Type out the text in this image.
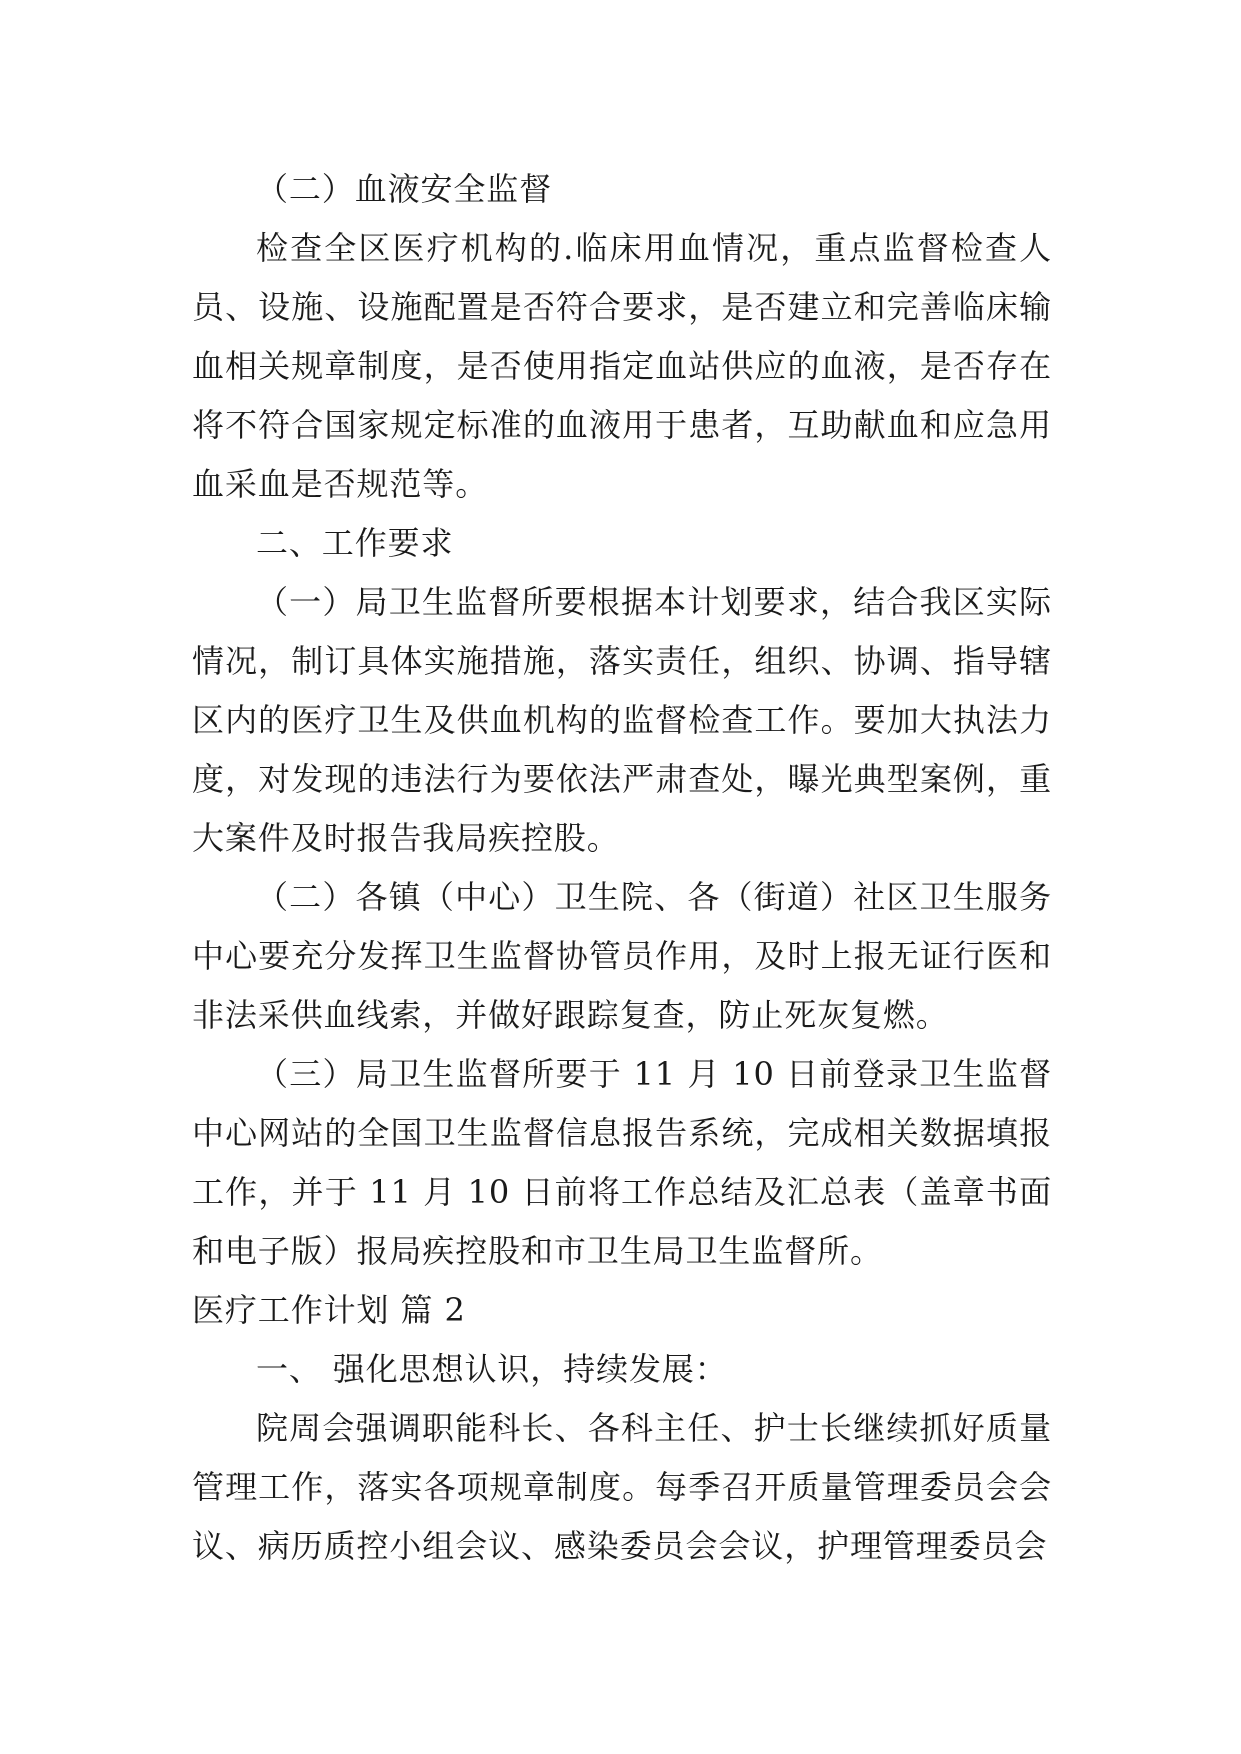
（二）血液安全监督

检查全区医疗机构的.临床用血情况，重点监督检查人员、设施、设施配置是否符合要求，是否建立和完善临床输血相关规章制度，是否使用指定血站供应的血液，是否存在将不符合国家规定标准的血液用于患者，互助献血和应急用血采血是否规范等。

二、工作要求

（一）局卫生监督所要根据本计划要求，结合我区实际情况，制订具体实施措施，落实责任，组织、协调、指导辖区内的医疗卫生及供血机构的监督检查工作。要加大执法力度，对发现的违法行为要依法严肃查处，曝光典型案例，重大案件及时报告我局疾控股。

（二）各镇（中心）卫生院、各（街道）社区卫生服务中心要充分发挥卫生监督协管员作用，及时上报无证行医和非法采供血线索，并做好跟踪复查，防止死灰复燃。

（三）局卫生监督所要于 11 月 10 日前登录卫生监督中心网站的全国卫生监督信息报告系统，完成相关数据填报工作，并于 11 月 10 日前将工作总结及汇总表（盖章书面和电子版）报局疾控股和市卫生局卫生监督所。

医疗工作计划 篇 2

一、 强化思想认识，持续发展：

院周会强调职能科长、各科主任、护士长继续抓好质量管理工作，落实各项规章制度。每季召开质量管理委员会会议、病历质控小组会议、感染委员会会议，护理管理委员会
